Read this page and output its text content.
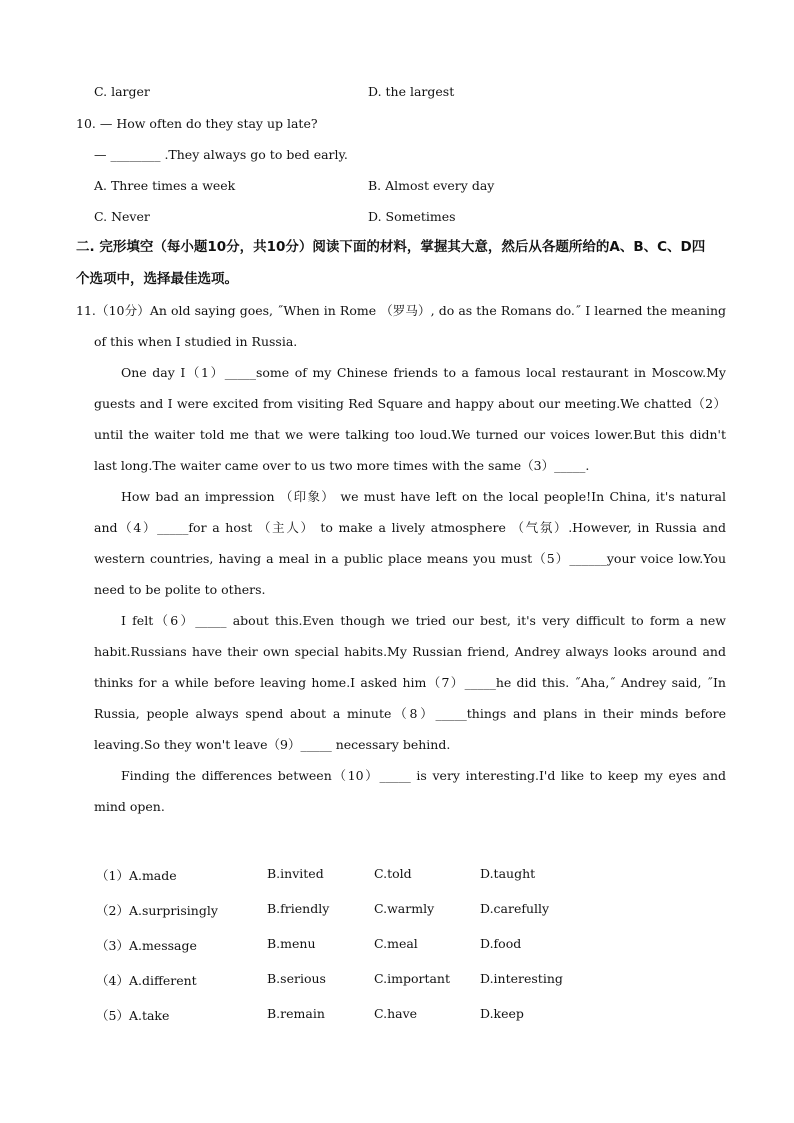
C. larger	D. the largest
10. — How often do they stay up late?
— ________ .They always go to bed early.
A. Three times a week	B. Almost every day
C. Never	D. Sometimes
二. 完形填空（每小题10分，共10分）阅读下面的材料，掌握其大意，然后从各题所给的A、B、C、D四
个选项中，选择最佳选项。

11.（10分）An old saying goes, ˝When in Rome （罗马）, do as the Romans do.˝ I learned the meaning of this when I studied in Russia.

One day I（1）_____some of my Chinese friends to a famous local restaurant in Moscow.My guests and I were excited from visiting Red Square and happy about our meeting.We chatted（2） until the waiter told me that we were talking too loud.We turned our voices lower.But this didn't last long.The waiter came over to us two more times with the same（3）_____.

How bad an impression （印象） we must have left on the local people!In China, it's natural and（4）_____for a host （主人） to make a lively atmosphere （气氛）.However, in Russia and western countries, having a meal in a public place means you must（5）______your voice low.You need to be polite to others.

I felt（6）_____ about this.Even though we tried our best, it's very difficult to form a new habit.Russians have their own special habits.My Russian friend, Andrey always looks around and thinks for a while before leaving home.I asked him（7）_____he did this. ˝Aha,˝ Andrey said, ˝In Russia, people always spend about a minute（8）_____things and plans in their minds before leaving.So they won't leave（9）_____ necessary behind.

Finding the differences between（10）_____ is very interesting.I'd like to keep my eyes and mind open.

（1）A.made	B.invited	C.told	D.taught
（2）A.surprisingly	B.friendly	C.warmly	D.carefully
（3）A.message	B.menu	C.meal	D.food
（4）A.different	B.serious	C.important D.interesting
（5）A.take	B.remain	C.have	D.keep
